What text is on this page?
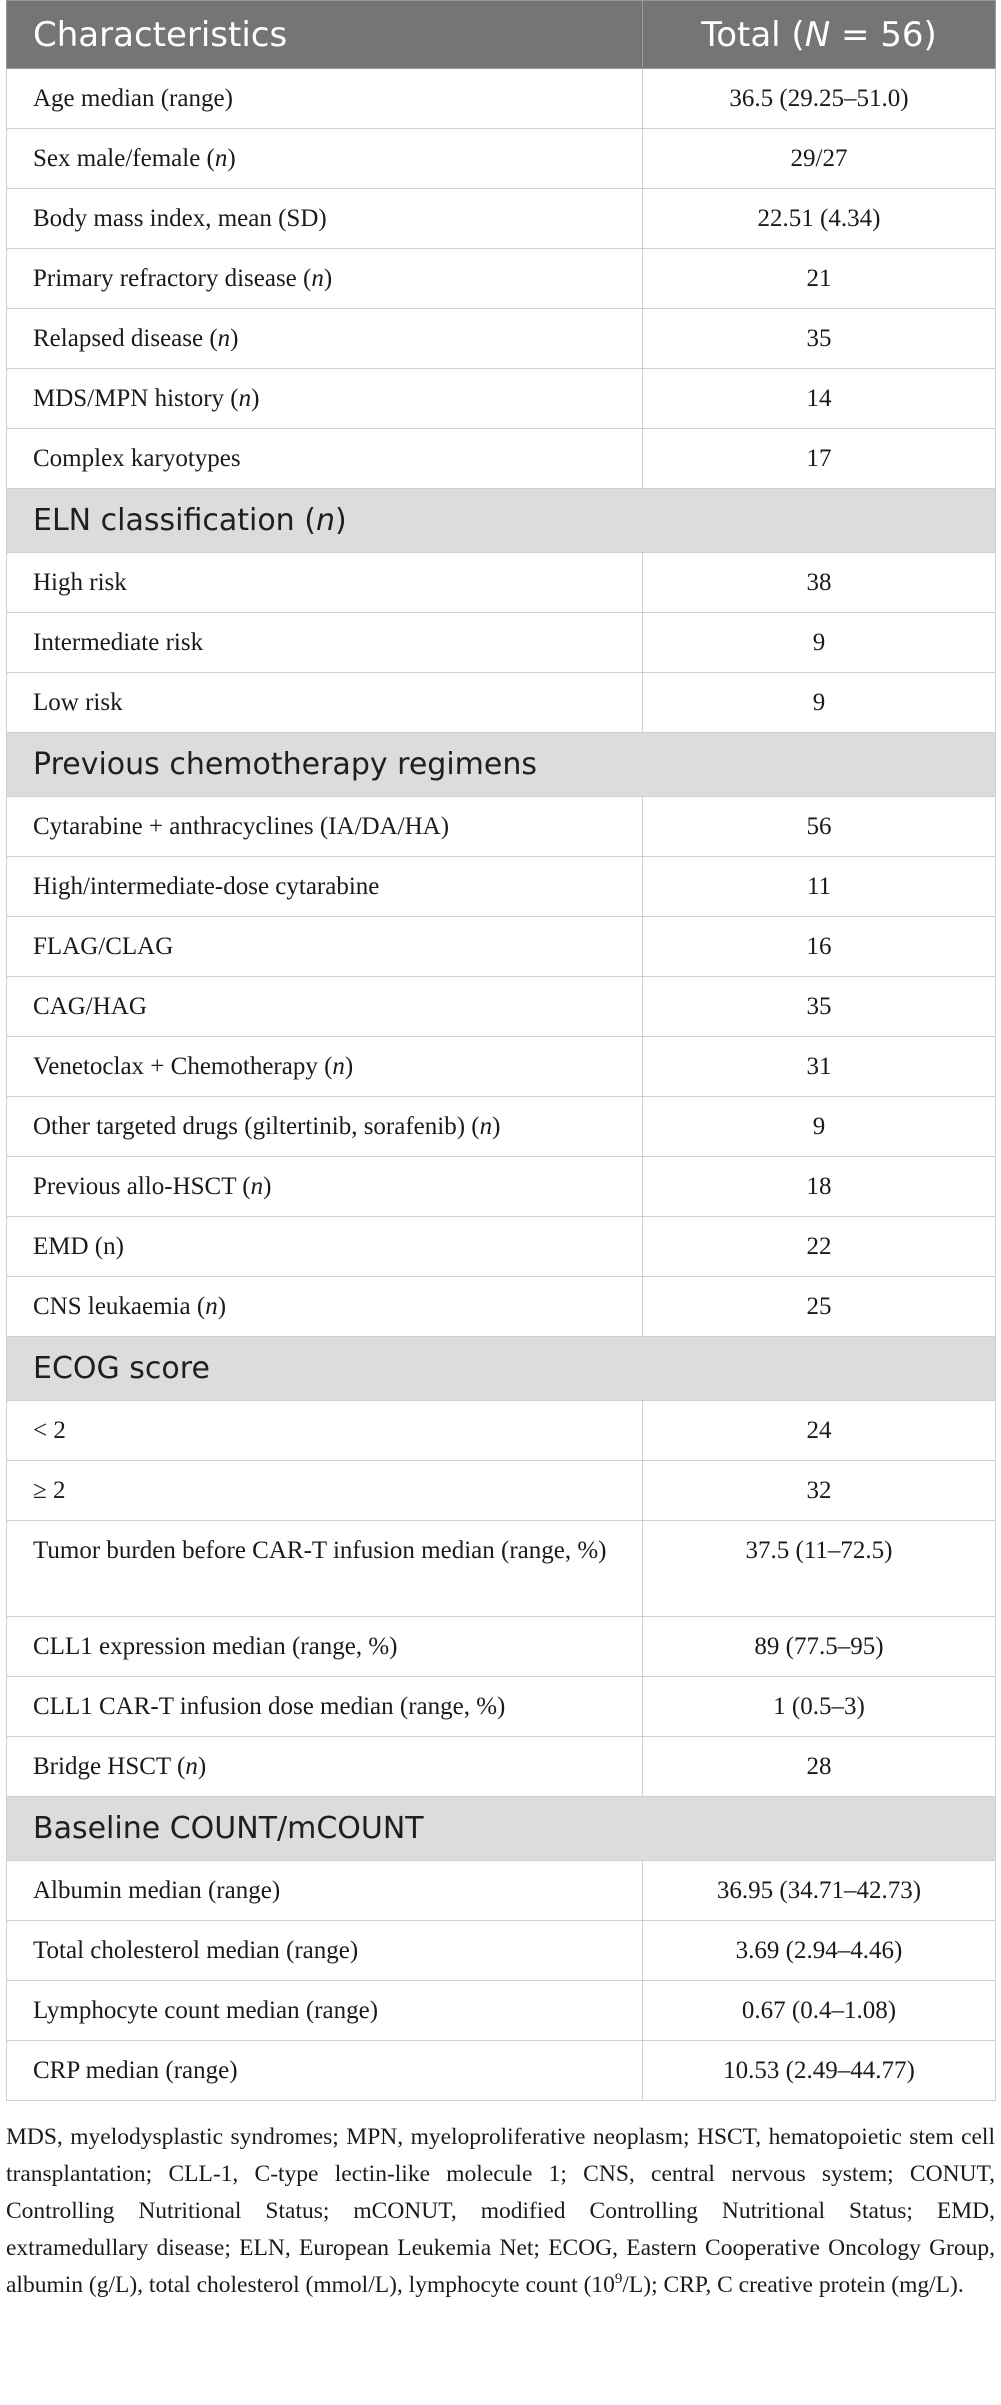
Characteristics	Total (N = 56)
Age median (range)	36.5 (29.25–51.0)
Sex male/female (n)	29/27
Body mass index, mean (SD)	22.51 (4.34)
Primary refractory disease (n)	21
Relapsed disease (n)	35
MDS/MPN history (n)	14
Complex karyotypes	17
ELN classification (n)	
High risk	38
Intermediate risk	9
Low risk	9
Previous chemotherapy regimens	
Cytarabine + anthracyclines (IA/DA/HA)	56
High/intermediate-dose cytarabine	11
FLAG/CLAG	16
CAG/HAG	35
Venetoclax + Chemotherapy (n)	31
Other targeted drugs (giltertinib, sorafenib) (n)	9
Previous allo-HSCT (n)	18
EMD (n)	22
CNS leukaemia (n)	25
ECOG score	
< 2	24
≥ 2	32
Tumor burden before CAR-T infusion median (range, %)	37.5 (11–72.5)
CLL1 expression median (range, %)	89 (77.5–95)
CLL1 CAR-T infusion dose median (range, %)	1 (0.5–3)
Bridge HSCT (n)	28
Baseline COUNT/mCOUNT	
Albumin median (range)	36.95 (34.71–42.73)
Total cholesterol median (range)	3.69 (2.94–4.46)
Lymphocyte count median (range)	0.67 (0.4–1.08)
CRP median (range)	10.53 (2.49–44.77)

MDS, myelodysplastic syndromes; MPN, myeloproliferative neoplasm; HSCT, hematopoietic stem cell transplantation; CLL-1, C-type lectin-like molecule 1; CNS, central nervous system; CONUT, Controlling Nutritional Status; mCONUT, modified Controlling Nutritional Status; EMD, extramedullary disease; ELN, European Leukemia Net; ECOG, Eastern Cooperative Oncology Group, albumin (g/L), total cholesterol (mmol/L), lymphocyte count $(10^9/L)$; CRP, C creative protein (mg/L).
